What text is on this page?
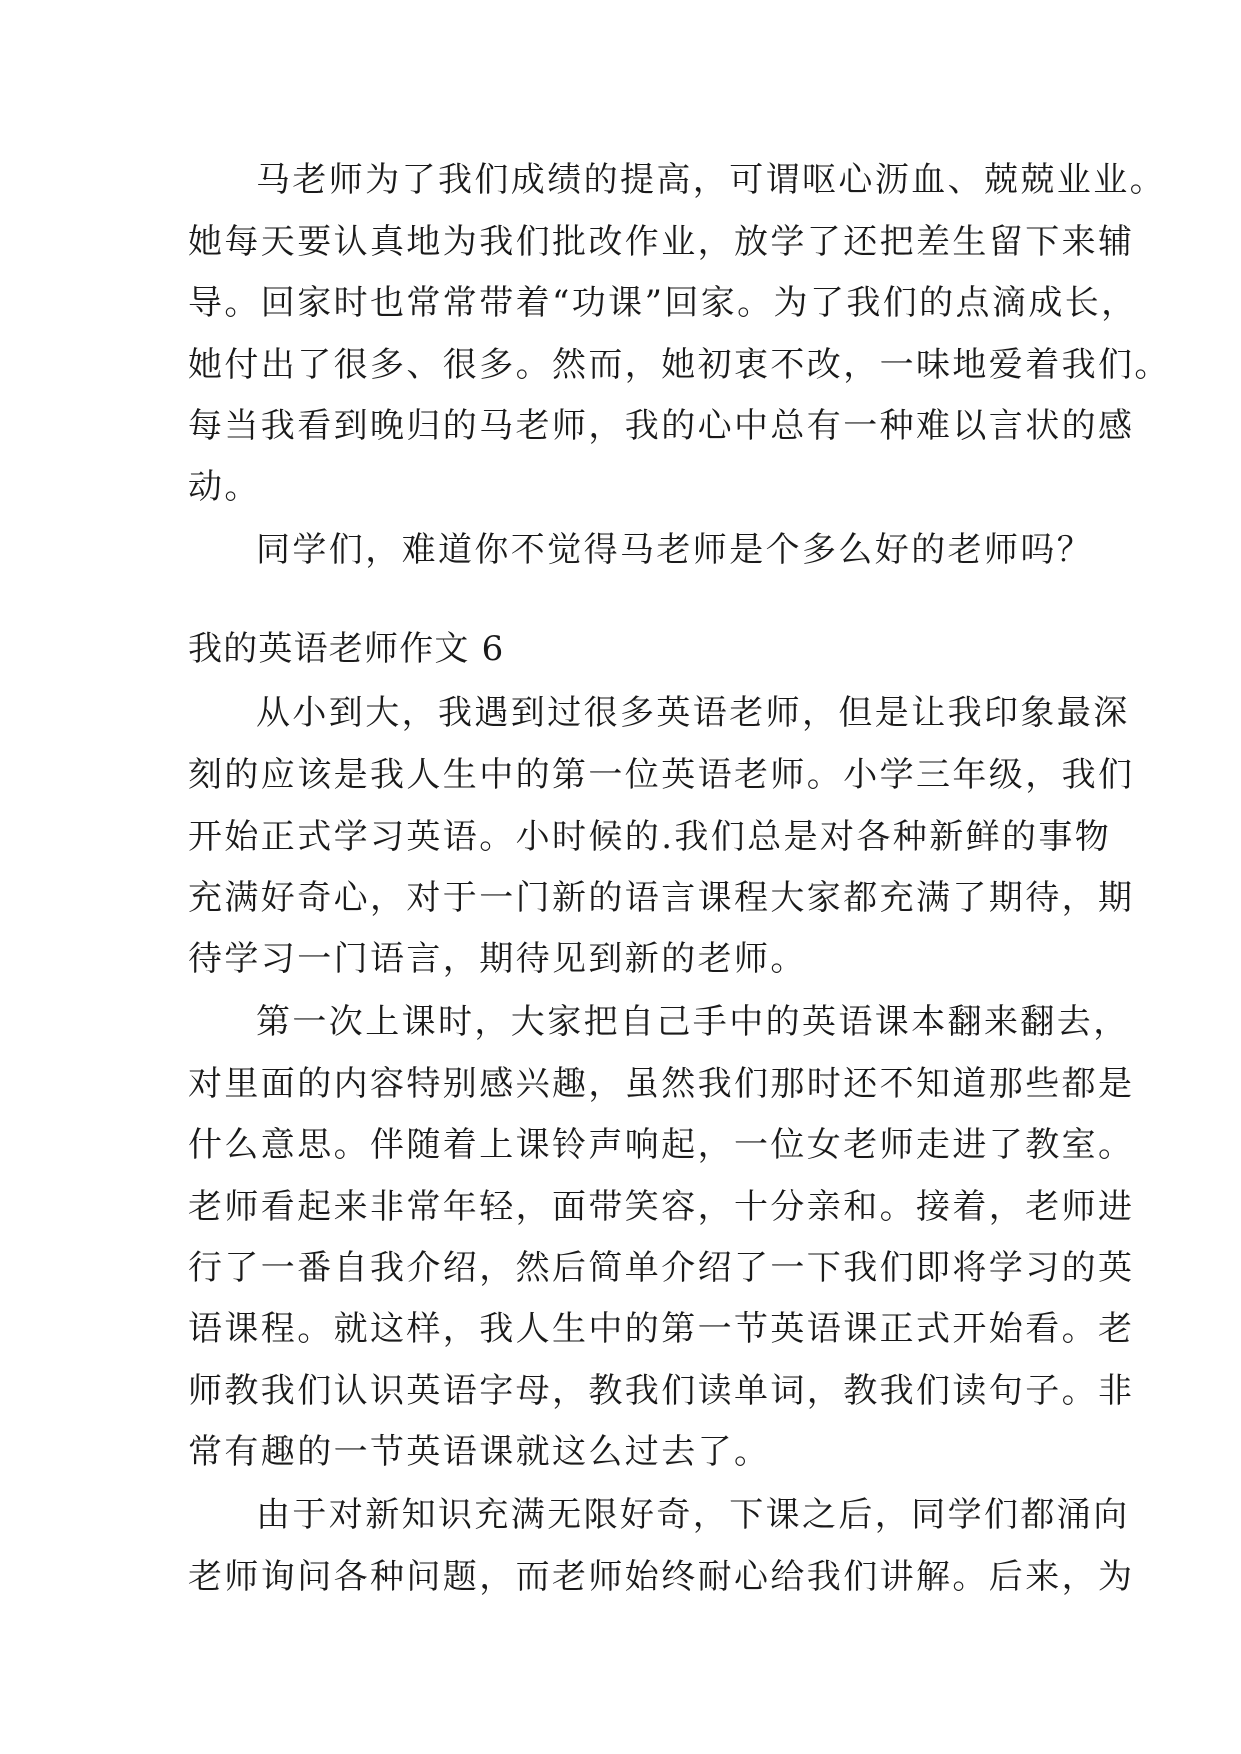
马老师为了我们成绩的提高，可谓呕心沥血、兢兢业业。
她每天要认真地为我们批改作业，放学了还把差生留下来辅
导。回家时也常常带着“功课”回家。为了我们的点滴成长，
她付出了很多、很多。然而，她初衷不改，一味地爱着我们。
每当我看到晚归的马老师，我的心中总有一种难以言状的感
动。
同学们，难道你不觉得马老师是个多么好的老师吗？
我的英语老师作文 6
从小到大，我遇到过很多英语老师，但是让我印象最深
刻的应该是我人生中的第一位英语老师。小学三年级，我们
开始正式学习英语。小时候的.我们总是对各种新鲜的事物
充满好奇心，对于一门新的语言课程大家都充满了期待，期
待学习一门语言，期待见到新的老师。
第一次上课时，大家把自己手中的英语课本翻来翻去，
对里面的内容特别感兴趣，虽然我们那时还不知道那些都是
什么意思。伴随着上课铃声响起，一位女老师走进了教室。
老师看起来非常年轻，面带笑容，十分亲和。接着，老师进
行了一番自我介绍，然后简单介绍了一下我们即将学习的英
语课程。就这样，我人生中的第一节英语课正式开始看。老
师教我们认识英语字母，教我们读单词，教我们读句子。非
常有趣的一节英语课就这么过去了。
由于对新知识充满无限好奇，下课之后，同学们都涌向
老师询问各种问题，而老师始终耐心给我们讲解。后来，为
